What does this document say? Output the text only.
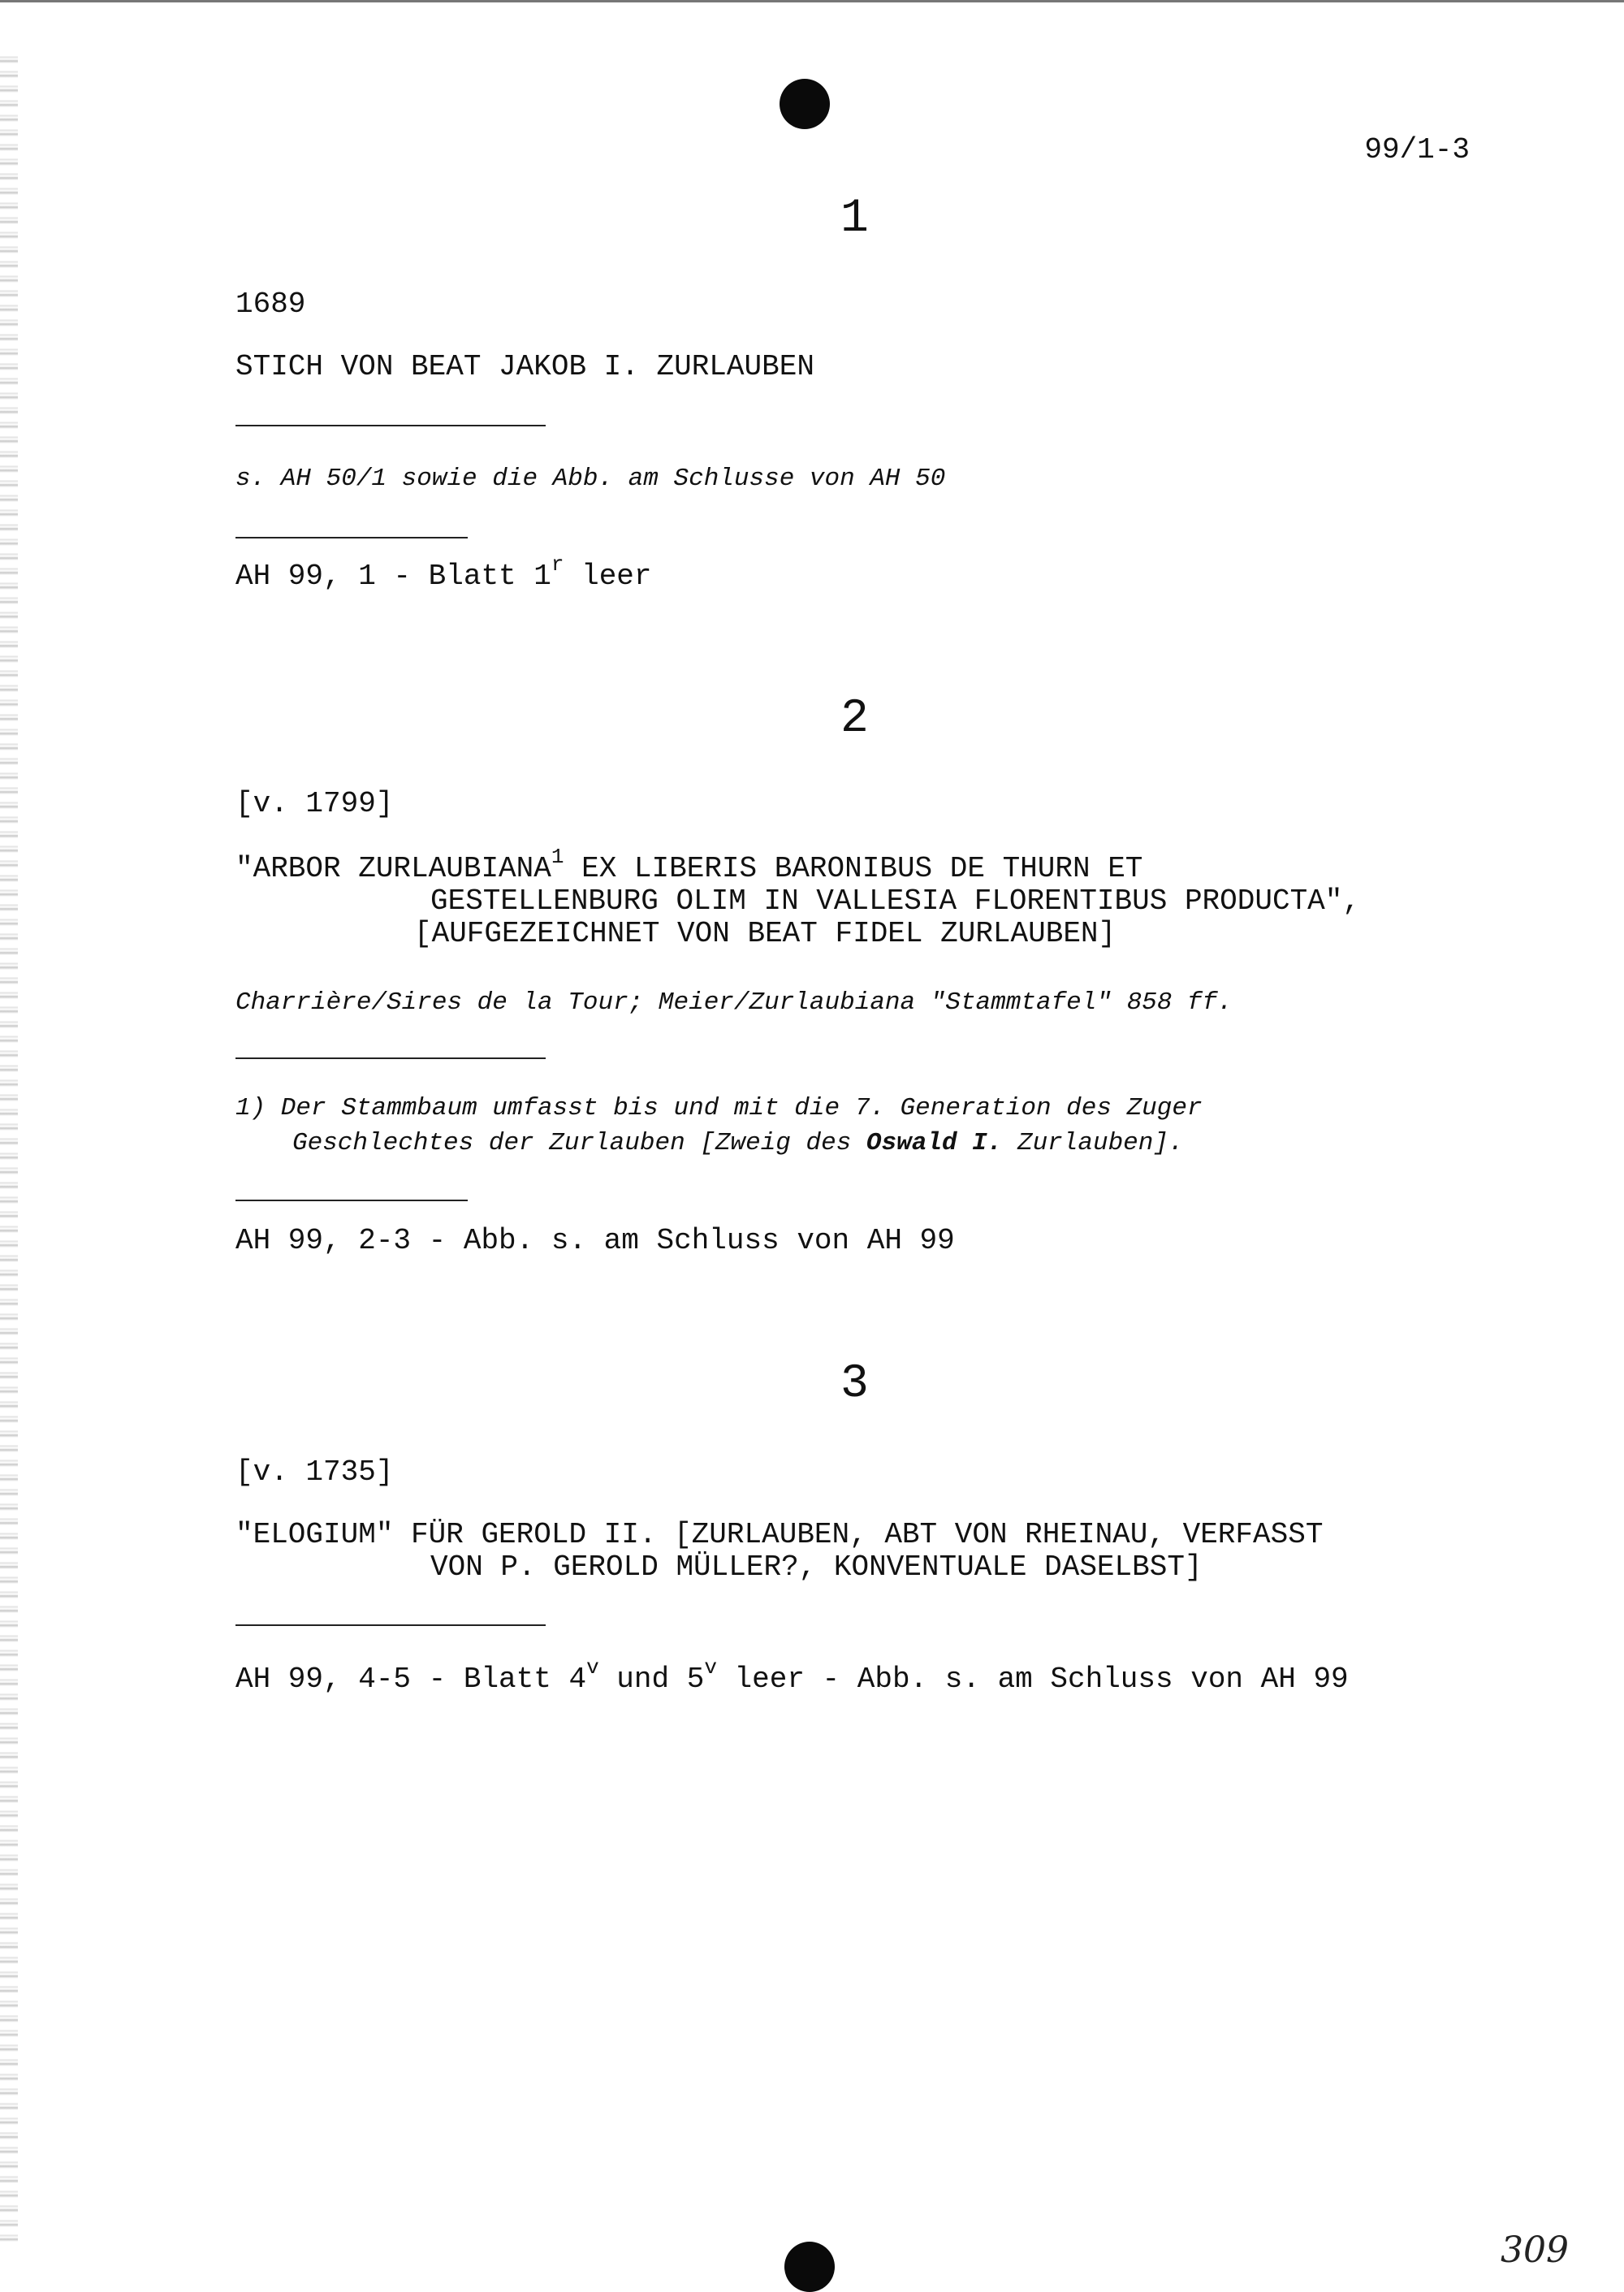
99/1-3
1
1689
STICH VON BEAT JAKOB I. ZURLAUBEN
s. AH 50/1 sowie die Abb. am Schlusse von AH 50
AH 99, 1 - Blatt 1$^r$ leer
2
[v. 1799]
"ARBOR ZURLAUBIANA$^1$ EX LIBERIS BARONIBUS DE THURN ET
GESTELLENBURG OLIM IN VALLESIA FLORENTIBUS PRODUCTA",
[AUFGEZEICHNET VON BEAT FIDEL ZURLAUBEN]
Charrière/Sires de la Tour; Meier/Zurlaubiana "Stammtafel" 858 ff.
1) Der Stammbaum umfasst bis und mit die 7. Generation des Zuger
Geschlechtes der Zurlauben [Zweig des Oswald I. Zurlauben].
AH 99, 2-3 - Abb. s. am Schluss von AH 99
3
[v. 1735]
"ELOGIUM" FÜR GEROLD II. [ZURLAUBEN, ABT VON RHEINAU, VERFASST
VON P. GEROLD MÜLLER?, KONVENTUALE DASELBST]
AH 99, 4-5 - Blatt 4$^v$ und 5$^v$ leer - Abb. s. am Schluss von AH 99
309
